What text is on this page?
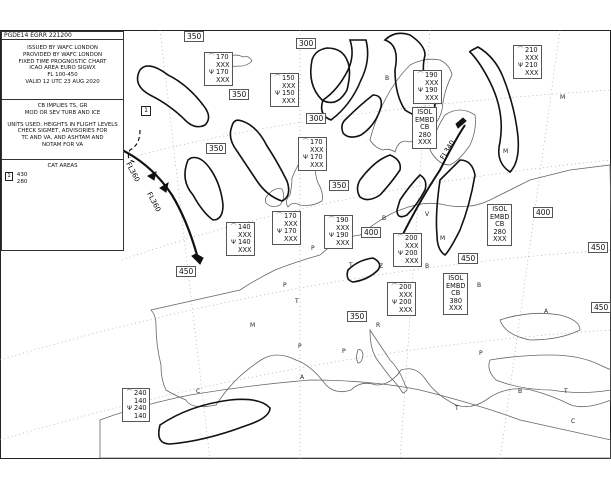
PGDE14 EGRR 221200
ISSUED BY WAFC LONDON
PROVIDED BY WAFC LONDON
FIXED TIME PROGNOSTIC CHART
ICAO AREA EURO SIGWX
FL 100-450
VALID 12 UTC 23 AUG 2020
CB IMPLIES TS, GR
MOD OR SEV TURB AND ICE
UNITS USED: HEIGHTS IN FLIGHT LEVELS
CHECK SIGMET, ADVISORIES FOR
TC AND VA, AND ASHTAM AND
NOTAM FOR VA
CAT AREAS
1 430
280
1
FL360
FL360
FL340
350
300
350
300
350
350
400
400
450
450
450
350
450
⌒ 170
XXX
Ψ 170
XXX	⌒ 150
XXX
Ψ 150
XXX
⌒ 190
XXX
Ψ 190
XXX
⌒ 210
XXX
Ψ 210
XXX
⌒ 170
XXX
Ψ 170
XXX
⌒ 140
XXX
Ψ 140
XXX
⌒ 170
XXX
Ψ 170
XXX
⌒ 190
XXX
Ψ 190
XXX
⌒ 200
XXX
Ψ 200
XXX
⌒ 200
XXX
Ψ 200
XXX
⌒ 240
140
Ψ 240
140
ISOL
EMBD
CB
280
XXX
ISOL
EMBD
CB
280
XXX
ISOL
EMBD
CB
380
XXX
M
M
M
M
B
B
B
B
T
T
T
T
P
P
A
A
C
C
V
B
Z
R
P
P	P
